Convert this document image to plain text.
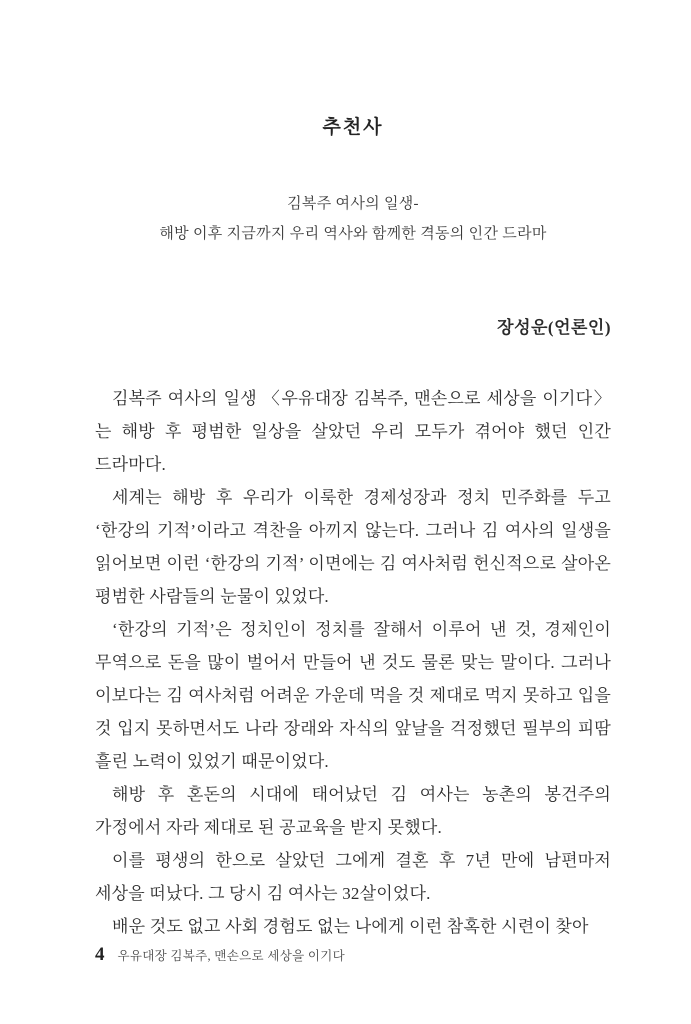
추천사
김복주 여사의 일생-
해방 이후 지금까지 우리 역사와 함께한 격동의 인간 드라마
장성운(언론인)

김복주 여사의 일생 〈우유대장 김복주, 맨손으로 세상을 이기다〉는 해방 후 평범한 일상을 살았던 우리 모두가 겪어야 했던 인간 드라마다.

세계는 해방 후 우리가 이룩한 경제성장과 정치 민주화를 두고 ‘한강의 기적’이라고 격찬을 아끼지 않는다. 그러나 김 여사의 일생을 읽어보면 이런 ‘한강의 기적’ 이면에는 김 여사처럼 헌신적으로 살아온 평범한 사람들의 눈물이 있었다.

‘한강의 기적’은 정치인이 정치를 잘해서 이루어 낸 것, 경제인이 무역으로 돈을 많이 벌어서 만들어 낸 것도 물론 맞는 말이다. 그러나 이보다는 김 여사처럼 어려운 가운데 먹을 것 제대로 먹지 못하고 입을 것 입지 못하면서도 나라 장래와 자식의 앞날을 걱정했던 필부의 피땀 흘린 노력이 있었기 때문이었다.

해방 후 혼돈의 시대에 태어났던 김 여사는 농촌의 봉건주의 가정에서 자라 제대로 된 공교육을 받지 못했다.

이를 평생의 한으로 살았던 그에게 결혼 후 7년 만에 남편마저 세상을 떠났다. 그 당시 김 여사는 32살이었다.

배운 것도 없고 사회 경험도 없는 나에게 이런 참혹한 시련이 찾아

4 우유대장 김복주, 맨손으로 세상을 이기다
